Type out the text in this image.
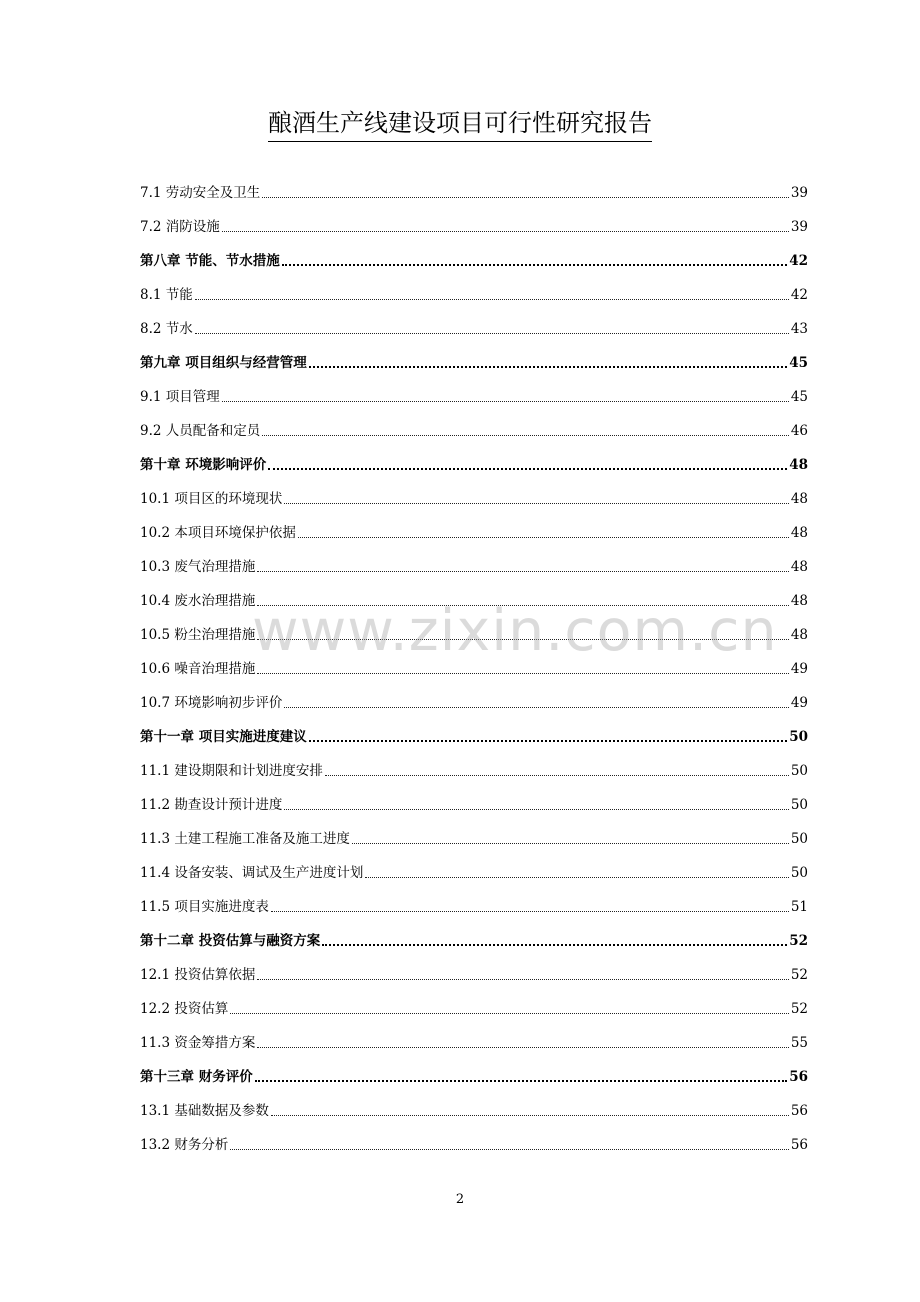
酿酒生产线建设项目可行性研究报告
7.1 劳动安全及卫生	39
7.2 消防设施	39
第八章 节能、节水措施	42
8.1 节能	42
8.2 节水	43
第九章 项目组织与经营管理	45
9.1 项目管理	45
9.2 人员配备和定员	46
第十章 环境影响评价	48
10.1 项目区的环境现状	48
10.2 本项目环境保护依据	48
10.3 废气治理措施	48
10.4 废水治理措施	48
10.5 粉尘治理措施	48
10.6 噪音治理措施	49
10.7 环境影响初步评价	49
第十一章 项目实施进度建议	50
11.1 建设期限和计划进度安排	50
11.2 勘查设计预计进度	50
11.3 土建工程施工准备及施工进度	50
11.4 设备安装、调试及生产进度计划	50
11.5 项目实施进度表	51
第十二章 投资估算与融资方案	52
12.1 投资估算依据	52
12.2 投资估算	52
11.3 资金筹措方案	55
第十三章 财务评价	56
13.1 基础数据及参数	56
13.2 财务分析	56
www.zixin.com.cn
2
